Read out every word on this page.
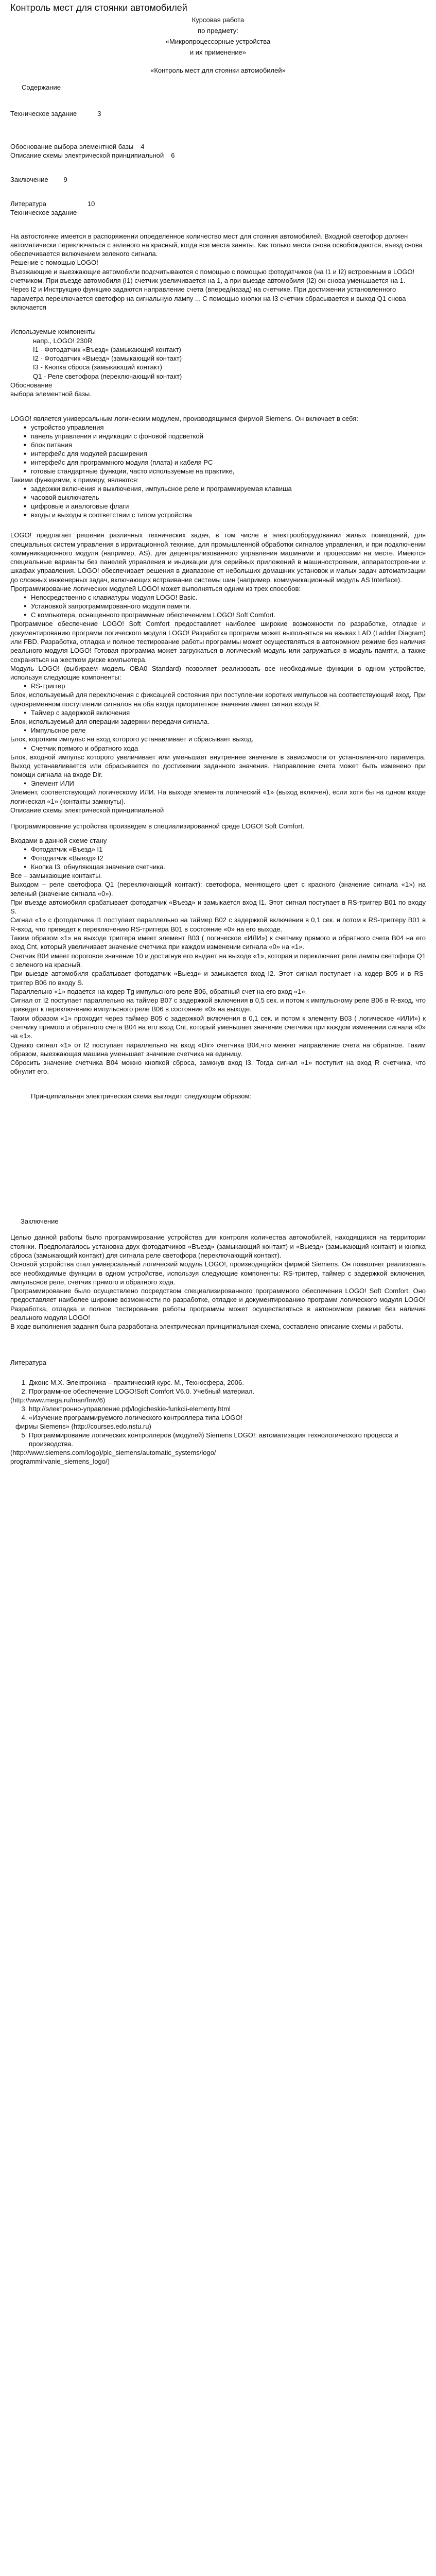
Контроль мест для стоянки автомобилей
Курсовая работа
по предмету:
«Микропроцессорные устройства
и их применение»
«Контроль мест для стоянки автомобилей»
Содержание
Техническое задание	3
Обоснование выбора элементной базы 4
Описание схемы электрической принципиальной 6
Заключение 9
Литература	10
Техническое задание
На автостоянке имеется в распоряжении определенное количество мест для стояния автомобилей. Входной светофор должен автоматически переключаться с зеленого на красный, когда все места заняты. Как только места снова освобождаются, въезд снова обеспечивается включением зеленого сигнала.
Решение с помощью LOGO!
Въезжающие и выезжающие автомобили подсчитываются с помощью с помощью фотодатчиков (на I1 и I2) встроенным в LOGO! счетчиком. При въезде автомобиля (I1) счетчик увеличивается на 1, а при выезде автомобиля (I2) он снова уменьшается на 1. Через I2 и Инструкцию функцию задаются направление счета (вперед/назад) на счетчике. При достижении установленного параметра переключается светофор на сигнальную лампу ... С помощью кнопки на I3 счетчик сбрасывается и выход Q1 снова включается
Используемые компоненты
напр., LOGO! 230R
I1 - Фотодатчик «Въезд» (замыкающий контакт)
I2 - Фотодатчик «Выезд» (замыкающий контакт)
I3 - Кнопка сброса (замыкающий контакт)
Q1 - Реле светофора (переключающий контакт)
Обоснование
выбора элементной базы.
LOGO! является универсальным логическим модулем, производящимся фирмой Siemens. Он включает в себя:
■ устройство управления
■ панель управления и индикации с фоновой подсветкой
■ блок питания
■ интерфейс для модулей расширения
■ интерфейс для программного модуля (плата) и кабеля PC
■ готовые стандартные функции, часто используемые на практике,
Такими функциями, к примеру, являются:
■ задержки включения и выключения, импульсное реле и программируемая клавиша
■ часовой выключатель
■ цифровые и аналоговые флаги
■ входы и выходы в соответствии с типом устройства
LOGO! предлагает решения различных технических задач, в том числе в электрооборудовании жилых помещений, для специальных систем управления в ирригационной технике, для промышленной обработки сигналов управления, и при подключении коммуникационного модуля (например, AS), для децентрализованного управления машинами и процессами на месте. Имеются специальные варианты без панелей управления и индикации для серийных приложений в машиностроении, аппаратостроении и шкафах управления. LOGO! обеспечивает решения в диапазоне от небольших домашних установок и малых задач автоматизации до сложных инженерных задач, включающих встраивание системы шин (например, коммуникационный модуль AS Interface).
Программирование логических модулей LOGO! может выполняться одним из трех способов:
● Непосредственно с клавиатуры модуля LOGO! Basic.
● Установкой запрограммированного модуля памяти.
● С компьютера, оснащенного программным обеспечением LOGO! Soft Comfort.
Программное обеспечение LOGO! Soft Comfort предоставляет наиболее широкие возможности по разработке, отладке и документированию программ логического модуля LOGO! Разработка программ может выполняться на языках LAD (Ladder Diagram) или FBD. Разработка, отладка и полное тестирование работы программы может осуществляться в автономном режиме без наличия реального модуля LOGO! Готовая программа может загружаться в логический модуль или загружаться в модуль памяти, а также сохраняться на жестком диске компьютера.
Модуль LOGO! (выбираем модель OBA0 Standard) позволяет реализовать все необходимые функции в одном устройстве, используя следующие компоненты:
● RS-триггер
Блок, используемый для переключения с фиксацией состояния при поступлении коротких импульсов на соответствующий вход. При одновременном поступлении сигналов на оба входа приоритетное значение имеет сигнал входа R.
● Таймер с задержкой включения
Блок, используемый для операции задержки передачи сигнала.
● Импульсное реле
Блок, коротким импульс на вход которого устанавливает и сбрасывает выход.
● Счетчик прямого и обратного хода
Блок, входной импульс которого увеличивает или уменьшает внутреннее значение в зависимости от установленного параметра. Выход устанавливается или сбрасывается по достижении заданного значения. Направление счета может быть изменено при помощи сигнала на входе Dir.
● Элемент ИЛИ
Элемент, соответствующий логическому ИЛИ. На выходе элемента логический «1» (выход включен), если хотя бы на одном входе логическая «1» (контакты замкнуты).
Описание схемы электрической принципиальной
Программирование устройства произведем в специализированной среде LOGO! Soft Comfort.
Входами в данной схеме стану
● Фотодатчик «Въезд» I1
● Фотодатчик «Выезд» I2
● Кнопка I3, обнуляющая значение счетчика.
Все – замыкающие контакты.
Выходом – реле светофора Q1 (переключающий контакт): светофора, меняющего цвет с красного (значение сигнала «1») на зеленый (значение сигнала «0»).
При въезде автомобиля срабатывает фотодатчик «Въезд» и замыкается вход I1. Этот сигнал поступает в RS-триггер B01 по входу S.
Сигнал «1» с фотодатчика I1 поступает параллельно на таймер B02 с задержкой включения в 0,1 сек. и потом к RS-триггеру B01 в R-вход, что приведет к переключению RS-триггера B01 в состояние «0» на его выходе.
Таким образом «1» на выходе триггера имеет элемент B03 ( логическое «ИЛИ») к счетчику прямого и обратного счета B04 на его вход Cnt, который увеличивает значение счетчика при каждом изменении сигнала «0» на «1».
Счетчик B04 имеет пороговое значение 10 и достигнув его выдает на выходе «1», которая и переключает реле лампы светофора Q1 с зеленого на красный.
При выезде автомобиля срабатывает фотодатчик «Выезд» и замыкается вход I2. Этот сигнал поступает на кодер B05 и в RS-триггер B06 по входу S.
Параллельно «1» подается на кодер Тg импульсного реле B06, обратный счет на его вход «1».
Сигнал от I2 поступает параллельно на таймер B07 с задержкой включения в 0,5 сек. и потом к импульсному реле B06 в R-вход, что приведет к переключению импульсного реле B06 в состояние «0» на выходе.
Таким образом «1» проходит через таймер B05 с задержкой включения в 0,1 сек. и потом к элементу B03 ( логическое «ИЛИ») к счетчику прямого и обратного счета B04 на его вход Cnt, который уменьшает значение счетчика при каждом изменении сигнала «0» на «1».
Однако сигнал «1» от I2 поступает параллельно на вход «Dir» счетчика B04,что меняет направление счета на обратное. Таким образом, выезжающая машина уменьшает значение счетчика на единицу.
Сбросить значение счетчика B04 можно кнопкой сброса, замкнув вход I3. Тогда сигнал «1» поступит на вход R счетчика, что обнулит его.
Принципиальная электрическая схема выглядит следующим образом:
Заключение
Целью данной работы было программирование устройства для контроля количества автомобилей, находящихся на территории стоянки. Предполагалось установка двух фотодатчиков «Въезд» (замыкающий контакт) и «Выезд» (замыкающий контакт) и кнопка сброса (замыкающий контакт) для сигнала реле светофора (переключающий контакт).
Основой устройства стал универсальный логический модуль LOGO!, производящийся фирмой Siemens. Он позволяет реализовать все необходимые функции в одном устройстве, используя следующие компоненты: RS-триггер, таймер с задержкой включения, импульсное реле, счетчик прямого и обратного хода.
Программирование было осуществлено посредством специализированного программного обеспечения LOGO! Soft Comfort. Оно предоставляет наиболее широкие возможности по разработке, отладке и документированию программ логического модуля LOGO! Разработка, отладка и полное тестирование работы программы может осуществляться в автономном режиме без наличия реального модуля LOGO!
В ходе выполнения задания была разработана электрическая принципиальная схема, составлено описание схемы и работы.
Литература
1. Джонс М.Х. Электроника – практический курс. М., Техносфера, 2006.
2. Программное обеспечение LOGO!Soft Comfort V6.0. Учебный материал.
(http://www.mega.ru/man/fmv/6)
3. http://электронно-управление.рф/logicheskie-funkcii-elementy.html
4. «Изучение программируемого логического контроллера типа LOGO!
фирмы Siemens» (http://courses.edo.nstu.ru)
5. Программирование логических контроллеров (модулей) Siemens LOGO!: автоматизация технологического процесса и производства.
(http://www.siemens.com/logo)/plc_siemens/automatic_systems/logo/
programmirvanie_siemens_logo/)
